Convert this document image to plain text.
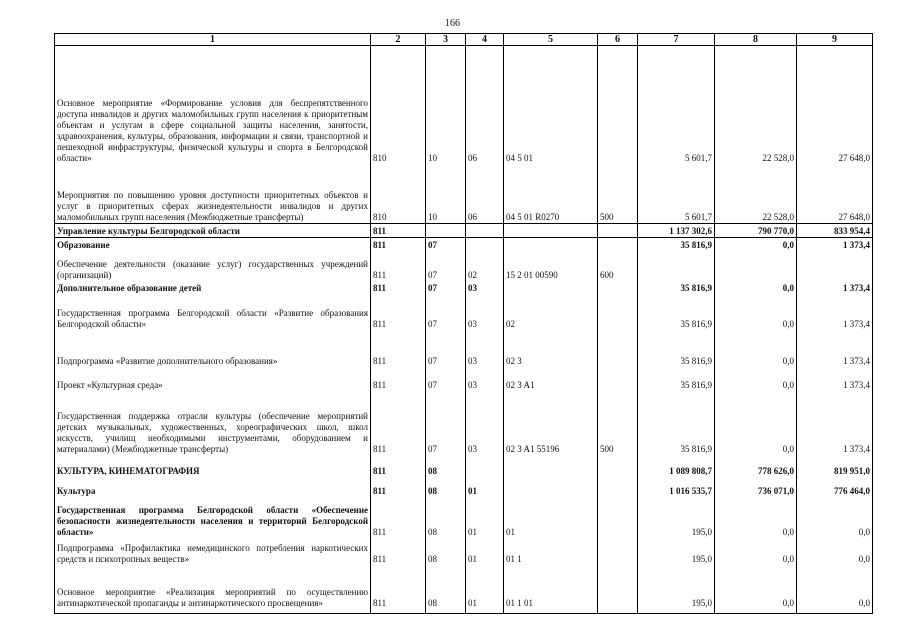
166
1	2	3	4	5	6	7	8	9
Основное мероприятие «Формирование условия для беспрепятственного доступа инвалидов и других маломобильных групп населения к приоритетным объектам и услугам в сфере социальной защиты населения, занятости, здравоохранения, культуры, образования, информации и связи, транспортной и пешеходной инфраструктуры, физической культуры и спорта в Белгородской области»	810	10	06	04 5 01		5 601,7	22 528,0	27 648,0
Мероприятия по повышению уровня доступности приоритетных объектов и услуг в приоритетных сферах жизнедеятельности инвалидов и других маломобильных групп населения (Межбюджетные трансферты)	810	10	06	04 5 01 R0270	500	5 601,7	22 528,0	27 648,0
Управление культуры Белгородской области	811					1 137 302,6	790 770,0	833 954,4
Образование	811	07				35 816,9	0,0	1 373,4
Обеспечение деятельности (оказание услуг) государственных учреждений (организаций)	811	07	02	15 2 01 00590	600			
Дополнительное образование детей	811	07	03			35 816,9	0,0	1 373,4
Государственная программа Белгородской области «Развитие образования Белгородской области»	811	07	03	02		35 816,9	0,0	1 373,4
Подпрограмма «Развитие дополнительного образования»	811	07	03	02 3		35 816,9	0,0	1 373,4
Проект «Культурная среда»	811	07	03	02 3 A1		35 816,9	0,0	1 373,4
Государственная поддержка отрасли культуры (обеспечение мероприятий детских музыкальных, художественных, хореографических школ, школ искусств, училищ необходимыми инструментами, оборудованием и материалами) (Межбюджетные трансферты)	811	07	03	02 3 A1 55196	500	35 816,9	0,0	1 373,4
КУЛЬТУРА, КИНЕМАТОГРАФИЯ	811	08				1 089 808,7	778 626,0	819 951,0
Культура	811	08	01			1 016 535,7	736 071,0	776 464,0
Государственная программа Белгородской области «Обеспечение безопасности жизнедеятельности населения и территорий Белгородской области»	811	08	01	01		195,0	0,0	0,0
Подпрограмма «Профилактика немедицинского потребления наркотических средств и психотропных веществ»	811	08	01	01 1		195,0	0,0	0,0
Основное мероприятие «Реализация мероприятий по осуществлению антинаркотической пропаганды и антинаркотического просвещения»	811	08	01	01 1 01		195,0	0,0	0,0
